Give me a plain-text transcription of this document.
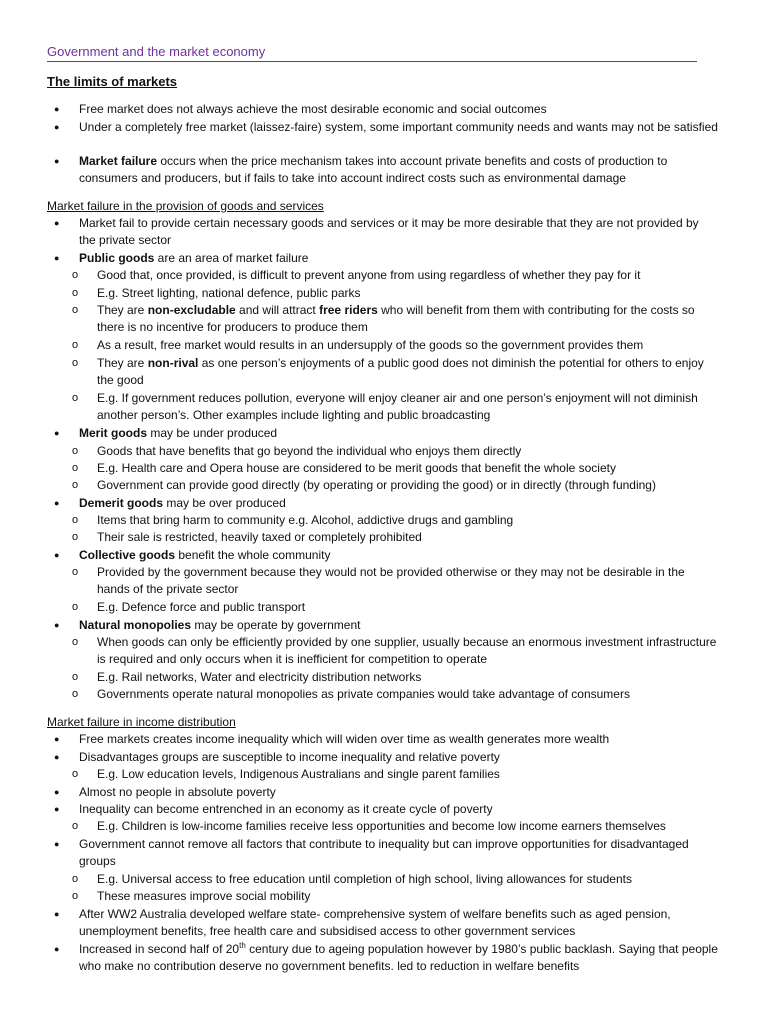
Government and the market economy
The limits of markets
● Free market does not always achieve the most desirable economic and social outcomes
● Under a completely free market (laissez-faire) system, some important community needs and wants may not be satisfied
● Market failure occurs when the price mechanism takes into account private benefits and costs of production to consumers and producers, but if fails to take into account indirect costs such as environmental damage
Market failure in the provision of goods and services
● Market fail to provide certain necessary goods and services or it may be more desirable that they are not provided by the private sector
● Public goods are an area of market failure
o Good that, once provided, is difficult to prevent anyone from using regardless of whether they pay for it
o E.g. Street lighting, national defence, public parks
o They are non-excludable and will attract free riders who will benefit from them with contributing for the costs so there is no incentive for producers to produce them
o As a result, free market would results in an undersupply of the goods so the government provides them
o They are non-rival as one person’s enjoyments of a public good does not diminish the potential for others to enjoy the good
o E.g. If government reduces pollution, everyone will enjoy cleaner air and one person’s enjoyment will not diminish another person’s. Other examples include lighting and public broadcasting
● Merit goods may be under produced
o Goods that have benefits that go beyond the individual who enjoys them directly
o E.g. Health care and Opera house are considered to be merit goods that benefit the whole society
o Government can provide good directly (by operating or providing the good) or in directly (through funding)
● Demerit goods may be over produced
o Items that bring harm to community e.g. Alcohol, addictive drugs and gambling
o Their sale is restricted, heavily taxed or completely prohibited
● Collective goods benefit the whole community
o Provided by the government because they would not be provided otherwise or they may not be desirable in the hands of the private sector
o E.g. Defence force and public transport
● Natural monopolies may be operate by government
o When goods can only be efficiently provided by one supplier, usually because an enormous investment infrastructure is required and only occurs when it is inefficient for competition to operate
o E.g. Rail networks, Water and electricity distribution networks
o Governments operate natural monopolies as private companies would take advantage of consumers
Market failure in income distribution
● Free markets creates income inequality which will widen over time as wealth generates more wealth
● Disadvantages groups are susceptible to income inequality and relative poverty
o E.g. Low education levels, Indigenous Australians and single parent families
● Almost no people in absolute poverty
● Inequality can become entrenched in an economy as it create cycle of poverty
o E.g. Children is low-income families receive less opportunities and become low income earners themselves
● Government cannot remove all factors that contribute to inequality but can improve opportunities for disadvantaged groups
o E.g. Universal access to free education until completion of high school, living allowances for students
o These measures improve social mobility
● After WW2 Australia developed welfare state- comprehensive system of welfare benefits such as aged pension, unemployment benefits, free health care and subsidised access to other government services
● Increased in second half of 20th century due to ageing population however by 1980’s public backlash. Saying that people who make no contribution deserve no government benefits. led to reduction in welfare benefits
